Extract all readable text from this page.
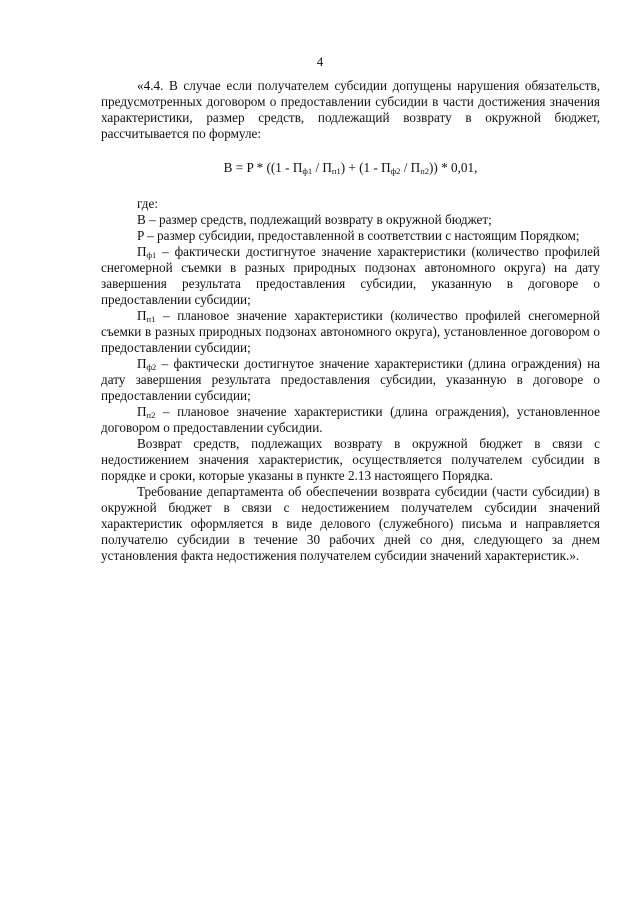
4

«4.4. В случае если получателем субсидии допущены нарушения обязательств, предусмотренных договором о предоставлении субсидии в части достижения значения характеристики, размер средств, подлежащий возврату в окружной бюджет, рассчитывается по формуле:

$B = P * ((1 - П_{ф1} / П_{п1}) + (1 - П_{ф2} / П_{п2})) * 0,01$,

где:

B – размер средств, подлежащий возврату в окружной бюджет;

P – размер субсидии, предоставленной в соответствии с настоящим Порядком;

$П_{ф1}$ – фактически достигнутое значение характеристики (количество профилей снегомерной съемки в разных природных подзонах автономного округа) на дату завершения результата предоставления субсидии, указанную в договоре о предоставлении субсидии;

$П_{п1}$ – плановое значение характеристики (количество профилей снегомерной съемки в разных природных подзонах автономного округа), установленное договором о предоставлении субсидии;

$П_{ф2}$ – фактически достигнутое значение характеристики (длина ограждения) на дату завершения результата предоставления субсидии, указанную в договоре о предоставлении субсидии;

$П_{п2}$ – плановое значение характеристики (длина ограждения), установленное договором о предоставлении субсидии.

Возврат средств, подлежащих возврату в окружной бюджет в связи с недостижением значения характеристик, осуществляется получателем субсидии в порядке и сроки, которые указаны в пункте 2.13 настоящего Порядка.

Требование департамента об обеспечении возврата субсидии (части субсидии) в окружной бюджет в связи с недостижением получателем субсидии значений характеристик оформляется в виде делового (служебного) письма и направляется получателю субсидии в течение 30 рабочих дней со дня, следующего за днем установления факта недостижения получателем субсидии значений характеристик.».
